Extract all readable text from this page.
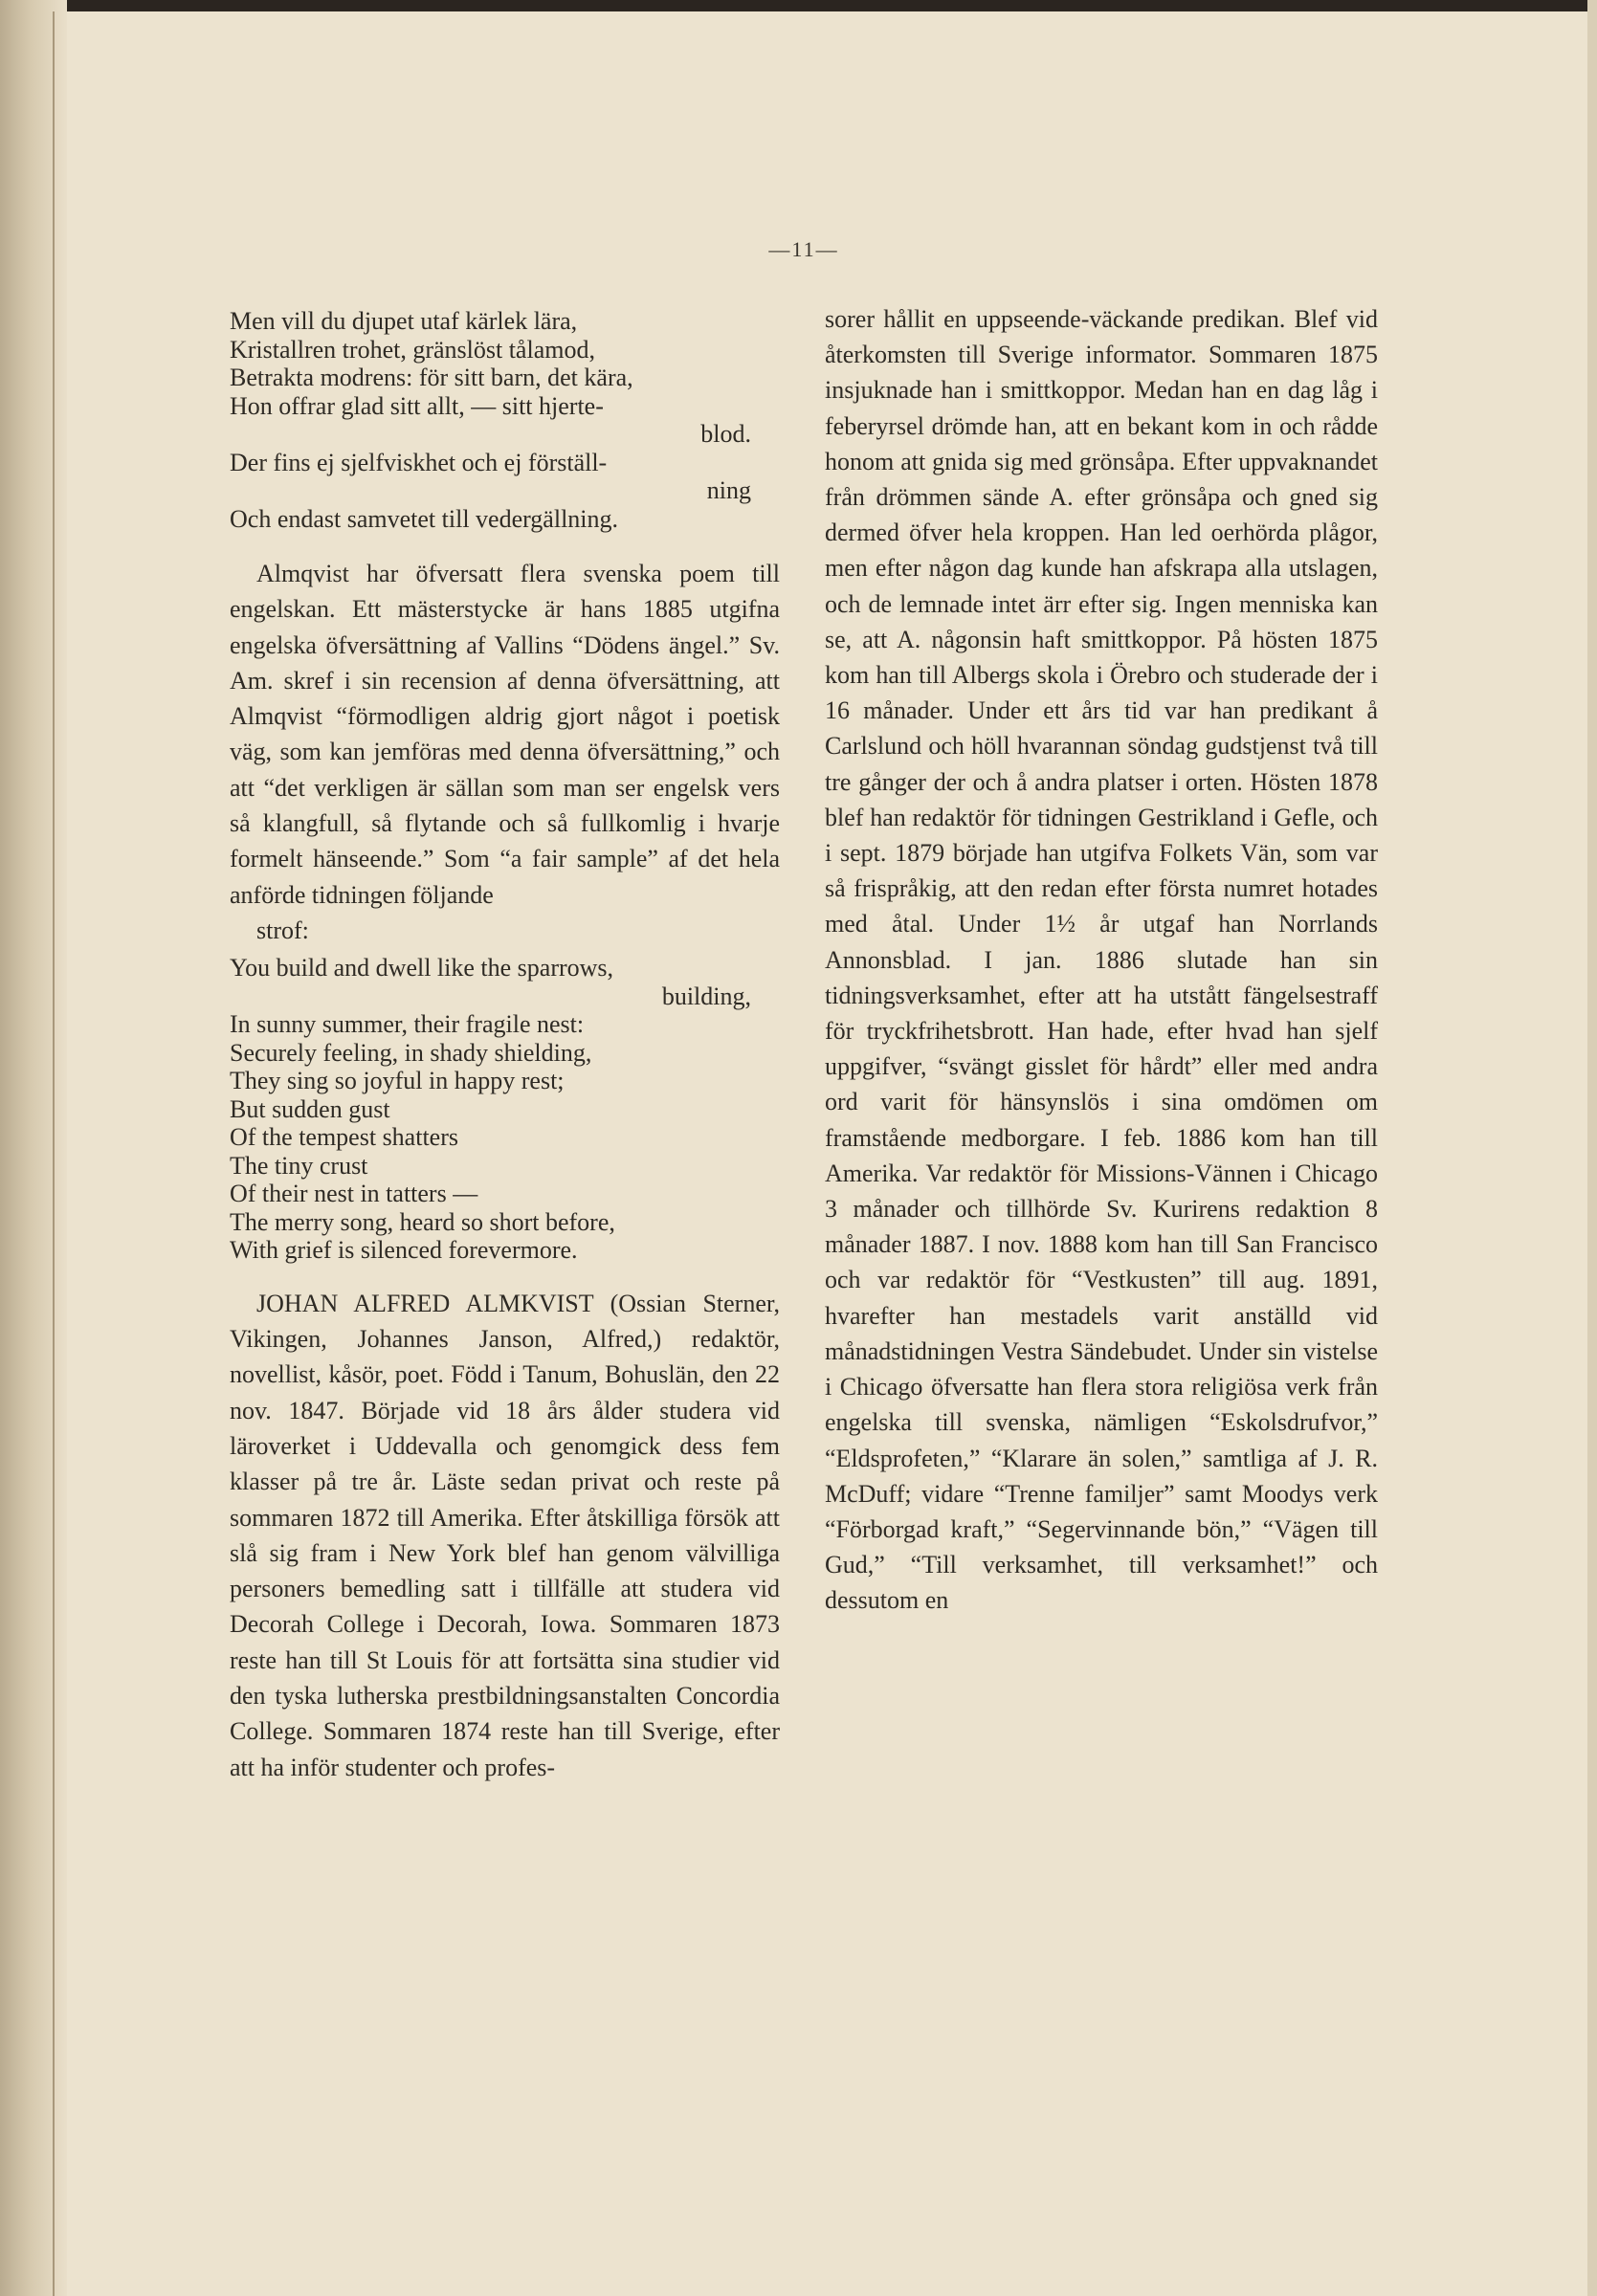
—11—
Men vill du djupet utaf kärlek lära,
Kristallren trohet, gränslöst tålamod,
Betrakta modrens: för sitt barn, det kära,
Hon offrar glad sitt allt, — sitt hjerte-
blod.
Der fins ej sjelfviskhet och ej förställ-
ning
Och endast samvetet till vedergällning.

Almqvist har öfversatt flera svenska poem till engelskan. Ett mästerstycke är hans 1885 utgifna engelska öfversättning af Vallins “Dödens ängel.” Sv. Am. skref i sin recension af denna öfversättning, att Almqvist “förmodligen aldrig gjort något i poetisk väg, som kan jemföras med denna öfversättning,” och att “det verkligen är sällan som man ser engelsk vers så klangfull, så flytande och så fullkomlig i hvarje formelt hänseende.” Som “a fair sample” af det hela anförde tidningen följande
strof:

You build and dwell like the sparrows,
building,
In sunny summer, their fragile nest:
Securely feeling, in shady shielding,
They sing so joyful in happy rest;
But sudden gust
Of the tempest shatters
The tiny crust
Of their nest in tatters —
The merry song, heard so short before,
With grief is silenced forevermore.

JOHAN ALFRED ALMKVIST (Ossian Sterner, Vikingen, Johannes Janson, Alfred,) redaktör, novellist, kåsör, poet. Född i Tanum, Bohuslän, den 22 nov. 1847. Började vid 18 års ålder studera vid läroverket i Uddevalla och genomgick dess fem klasser på tre år. Läste sedan privat och reste på sommaren 1872 till Amerika. Efter åtskilliga försök att slå sig fram i New York blef han genom välvilliga personers bemedling satt i tillfälle att studera vid Decorah College i Decorah, Iowa. Sommaren 1873 reste han till St Louis för att fortsätta sina studier vid den tyska lutherska prestbildningsanstalten Concordia College. Sommaren 1874 reste han till Sverige, efter att ha inför studenter och profes-

sorer hållit en uppseende-väckande predikan. Blef vid återkomsten till Sverige informator. Sommaren 1875 insjuknade han i smittkoppor. Medan han en dag låg i feberyrsel drömde han, att en bekant kom in och rådde honom att gnida sig med grönsåpa. Efter uppvaknandet från drömmen sände A. efter grönsåpa och gned sig dermed öfver hela kroppen. Han led oerhörda plågor, men efter någon dag kunde han afskrapa alla utslagen, och de lemnade intet ärr efter sig. Ingen menniska kan se, att A. någonsin haft smittkoppor. På hösten 1875 kom han till Albergs skola i Örebro och studerade der i 16 månader. Under ett års tid var han predikant å Carlslund och höll hvarannan söndag gudstjenst två till tre gånger der och å andra platser i orten. Hösten 1878 blef han redaktör för tidningen Gestrikland i Gefle, och i sept. 1879 började han utgifva Folkets Vän, som var så frispråkig, att den redan efter första numret hotades med åtal. Under 1½ år utgaf han Norrlands Annonsblad. I jan. 1886 slutade han sin tidningsverksamhet, efter att ha utstått fängelsestraff för tryckfrihetsbrott. Han hade, efter hvad han sjelf uppgifver, “svängt gisslet för hårdt” eller med andra ord varit för hänsynslös i sina omdömen om framstående medborgare. I feb. 1886 kom han till Amerika. Var redaktör för Missions-Vännen i Chicago 3 månader och tillhörde Sv. Kurirens redaktion 8 månader 1887. I nov. 1888 kom han till San Francisco och var redaktör för “Vestkusten” till aug. 1891, hvarefter han mestadels varit anställd vid månadstidningen Vestra Sändebudet. Under sin vistelse i Chicago öfversatte han flera stora religiösa verk från engelska till svenska, nämligen “Eskolsdrufvor,” “Eldsprofeten,” “Klarare än solen,” samtliga af J. R. McDuff; vidare “Trenne familjer” samt Moodys verk “Förborgad kraft,” “Segervinnande bön,” “Vägen till Gud,” “Till verksamhet, till verksamhet!” och dessutom en
